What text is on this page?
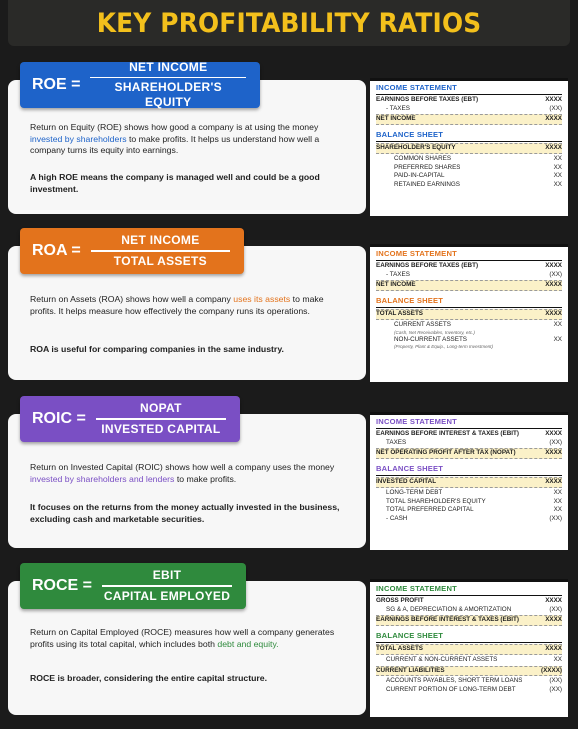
KEY PROFITABILITY RATIOS
ROE = $\frac{\text{NET INCOME}}{\text{SHAREHOLDER'S EQUITY}}$
Return on Equity (ROE) shows how good a company is at using the money invested by shareholders to make profits. It helps us understand how well a company turns its equity into earnings.
A high ROE means the company is managed well and could be a good investment.
INCOME STATEMENT
EARNINGS BEFORE TAXES (EBT)	XXXX
- TAXES	(XX)
NET INCOME	XXXX
BALANCE SHEET
SHAREHOLDER'S EQUITY	XXXX
COMMON SHARES	XX
PREFERRED SHARES	XX
PAID-IN-CAPITAL	XX
RETAINED EARNINGS	XX
ROA = $\frac{\text{NET INCOME}}{\text{TOTAL ASSETS}}$
Return on Assets (ROA) shows how well a company uses its assets to make profits. It helps measure how effectively the company runs its operations.
ROA is useful for comparing companies in the same industry.
INCOME STATEMENT
EARNINGS BEFORE TAXES (EBT)	XXXX
- TAXES	(XX)
NET INCOME	XXXX
BALANCE SHEET
TOTAL ASSETS	XXXX
CURRENT ASSETS	XX
(Cash, Net Receivables, Inventory, etc.)
NON-CURRENT ASSETS	XX
(Property, Plant & Equip., Long-term Investment)
ROIC = $\frac{\text{NOPAT}}{\text{INVESTED CAPITAL}}$
Return on Invested Capital (ROIC) shows how well a company uses the money invested by shareholders and lenders to make profits.
It focuses on the returns from the money actually invested in the business, excluding cash and marketable securities.
INCOME STATEMENT
EARNINGS BEFORE INTEREST & TAXES (EBIT)	XXXX
TAXES	(XX)
NET OPERATING PROFIT AFTER TAX (NOPAT)	XXXX
BALANCE SHEET
INVESTED CAPITAL	XXXX
LONG-TERM DEBT	XX
TOTAL SHAREHOLDER'S EQUITY	XX
TOTAL PREFERRED CAPITAL	XX
- CASH	(XX)
ROCE = $\frac{\text{EBIT}}{\text{CAPITAL EMPLOYED}}$
Return on Capital Employed (ROCE) measures how well a company generates profits using its total capital, which includes both debt and equity.
ROCE is broader, considering the entire capital structure.
INCOME STATEMENT
GROSS PROFIT	XXXX
SG & A, DEPRECIATION & AMORTIZATION	(XX)
EARNINGS BEFORE INTEREST & TAXES (EBIT)	XXXX
BALANCE SHEET
TOTAL ASSETS	XXXX
CURRENT & NON-CURRENT ASSETS	XX
CURRENT LIABILITIES	(XXXX)
ACCOUNTS PAYABLES, SHORT TERM LOANS	(XX)
CURRENT PORTION OF LONG-TERM DEBT	(XX)
